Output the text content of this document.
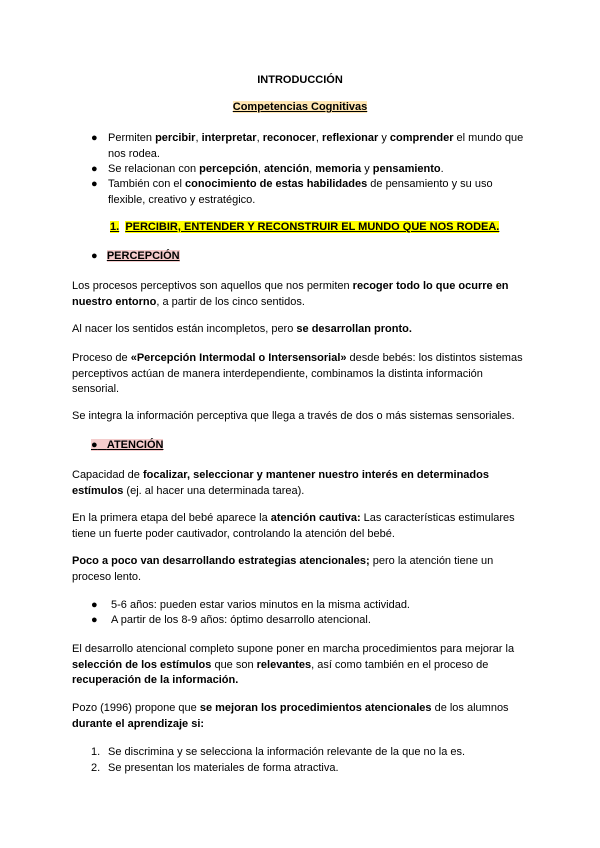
INTRODUCCIÓN
Competencias Cognitivas
● Permiten percibir, interpretar, reconocer, reflexionar y comprender el mundo que
nos rodea.
● Se relacionan con percepción, atención, memoria y pensamiento.
● También con el conocimiento de estas habilidades de pensamiento y su uso
flexible, creativo y estratégico.
1. PERCIBIR, ENTENDER Y RECONSTRUIR EL MUNDO QUE NOS RODEA.
● PERCEPCIÓN
Los procesos perceptivos son aquellos que nos permiten recoger todo lo que ocurre en
nuestro entorno, a partir de los cinco sentidos.
Al nacer los sentidos están incompletos, pero se desarrollan pronto.
Proceso de «Percepción Intermodal o Intersensorial» desde bebés: los distintos sistemas
perceptivos actúan de manera interdependiente, combinamos la distinta información
sensorial.
Se integra la información perceptiva que llega a través de dos o más sistemas sensoriales.
● ATENCIÓN
Capacidad de focalizar, seleccionar y mantener nuestro interés en determinados
estímulos (ej. al hacer una determinada tarea).
En la primera etapa del bebé aparece la atención cautiva: Las características estimulares
tiene un fuerte poder cautivador, controlando la atención del bebé.
Poco a poco van desarrollando estrategias atencionales; pero la atención tiene un
proceso lento.
● 5-6 años: pueden estar varios minutos en la misma actividad.
● A partir de los 8-9 años: óptimo desarrollo atencional.
El desarrollo atencional completo supone poner en marcha procedimientos para mejorar la
selección de los estímulos que son relevantes, así como también en el proceso de
recuperación de la información.
Pozo (1996) propone que se mejoran los procedimientos atencionales de los alumnos
durante el aprendizaje si:
1. Se discrimina y se selecciona la información relevante de la que no la es.
2. Se presentan los materiales de forma atractiva.
